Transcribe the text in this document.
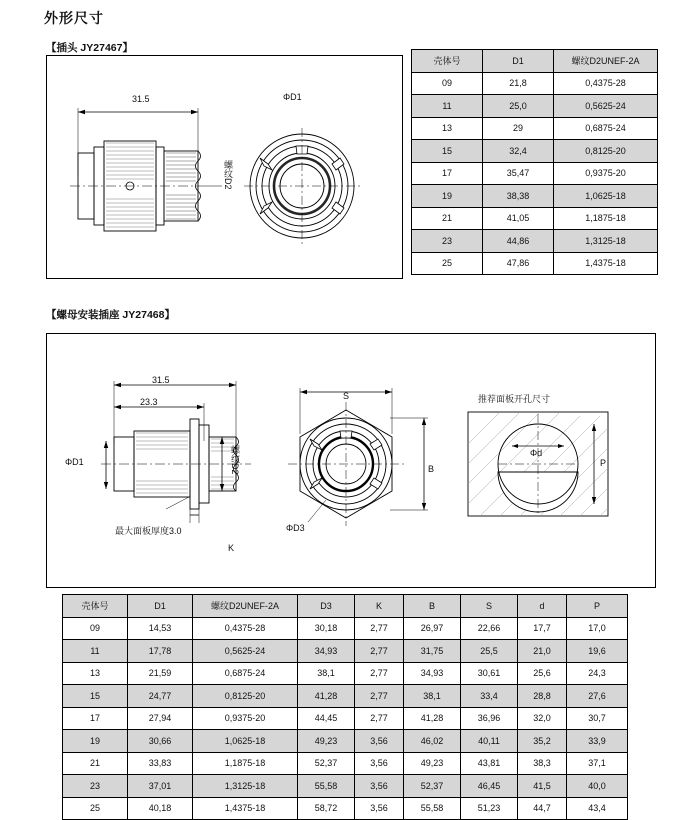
外形尺寸
【插头 JY27467】
31.5	ΦD1
螺纹D2
壳体号	D1	螺纹D2UNEF-2A
09	21,8	0,4375-28
11	25,0	0,5625-24
13	29	0,6875-24
15	32,4	0,8125-20
17	35,47	0,9375-20
19	38,38	1,0625-18
21	41,05	1,1875-18
23	44,86	1,3125-18
25	47,86	1,4375-18
【螺母安装插座 JY27468】
31.5
23.3
ΦD1	螺纹D2
最大面板厚度3.0
K
S
B
ΦD3
推荐面板开孔尺寸
Φd
P
壳体号	D1	螺纹D2UNEF-2A	D3	K	B	S	d	P
09	14,53	0,4375-28	30,18	2,77	26,97	22,66	17,7	17,0
11	17,78	0,5625-24	34,93	2,77	31,75	25,5	21,0	19,6
13	21,59	0,6875-24	38,1	2,77	34,93	30,61	25,6	24,3
15	24,77	0,8125-20	41,28	2,77	38,1	33,4	28,8	27,6
17	27,94	0,9375-20	44,45	2,77	41,28	36,96	32,0	30,7
19	30,66	1,0625-18	49,23	3,56	46,02	40,11	35,2	33,9
21	33,83	1,1875-18	52,37	3,56	49,23	43,81	38,3	37,1
23	37,01	1,3125-18	55,58	3,56	52,37	46,45	41,5	40,0
25	40,18	1,4375-18	58,72	3,56	55,58	51,23	44,7	43,4
